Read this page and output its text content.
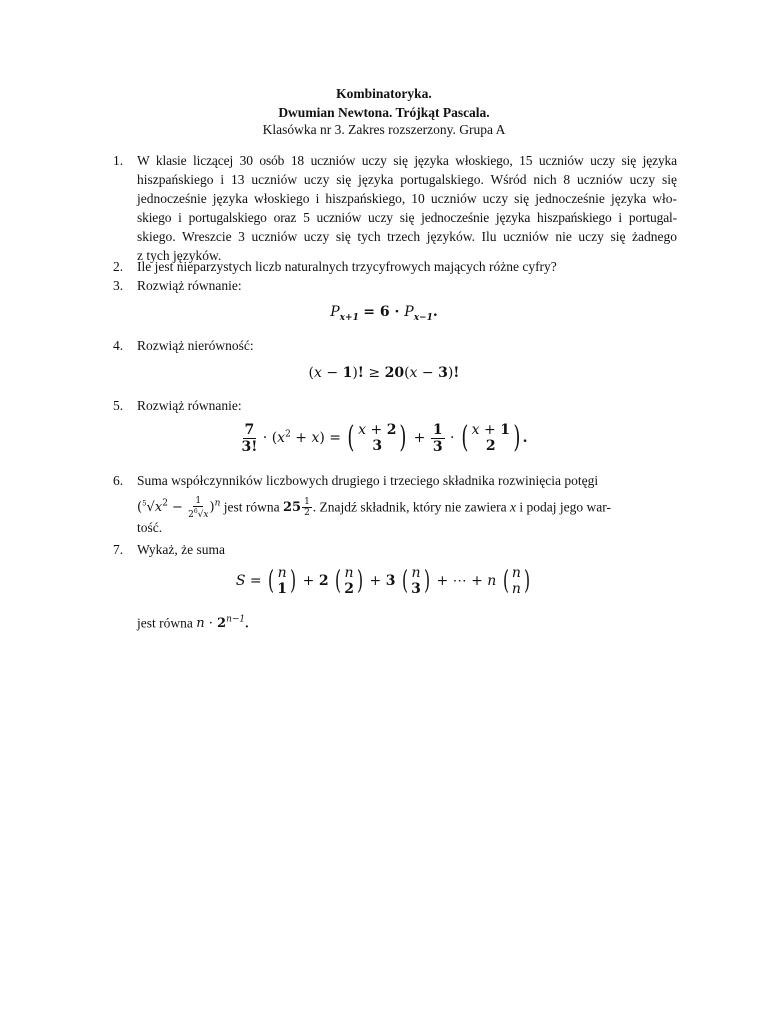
Kombinatoryka.
Dwumian Newtona. Trójkąt Pascala.
Klasówka nr 3. Zakres rozszerzony. Grupa A
1. W klasie liczącej 30 osób 18 uczniów uczy się języka włoskiego, 15 uczniów uczy się języka
hiszpańskiego i 13 uczniów uczy się języka portugalskiego. Wśród nich 8 uczniów uczy się
jednocześnie języka włoskiego i hiszpańskiego, 10 uczniów uczy się jednocześnie języka wło-
skiego i portugalskiego oraz 5 uczniów uczy się jednocześnie języka hiszpańskiego i portugal-
skiego. Wreszcie 3 uczniów uczy się tych trzech języków. Ilu uczniów nie uczy się żadnego
z tych języków.
2. Ile jest nieparzystych liczb naturalnych trzycyfrowych mających różne cyfry?
3. Rozwiąż równanie:
$P_{x+1} = 6 \cdot P_{x-1}$.
4. Rozwiąż nierówność:
(x − 1)! ≥ 20(x − 3)!
5. Rozwiąż równanie:
$\frac{7}{3!} \cdot (x^2 + x)$ = ( x + 2
3 ) + $\frac{1}{3}$ · ( x + 1
2 ) .
6. Suma współczynników liczbowych drugiego i trzeciego składnika rozwinięcia potęgi
$(^5√x^2 - \frac{1}{2^6√x} )^n$ jest równa $25 \frac{1}{2}$ . Znajdź składnik, który nie zawiera x i podaj jego war-
tość.
7. Wykaż, że suma
S = ( n
1 ) + 2 ( n
2 ) + 3 ( n
3 ) + ⋯ + n ( n
n )
jest równa $n \cdot 2^{n-1}$.
